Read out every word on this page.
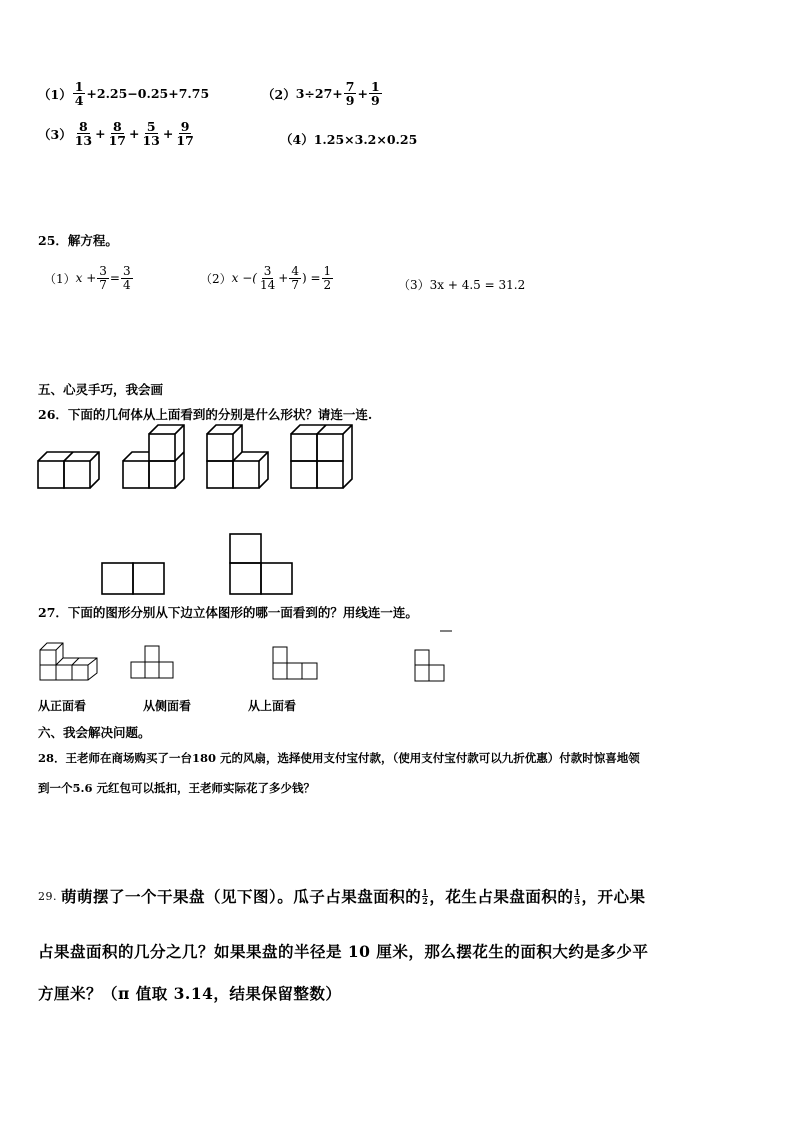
$(1) \frac{1}{4} +2.25-0.25+7.75$	（2） $3\div 27+ \frac{7}{9} + \frac{1}{9}$
$(3) \frac{8}{13} + \frac{8}{17} + \frac{5}{13} + \frac{9}{17}$	（4）1.25×3.2×0.25
25．解方程。
（1） $x + \frac{3}{7} = \frac{3}{4}$	（2） x −( $\frac{3}{14} + \frac{4}{7}$ ) = $\frac{1}{2}$	（3）3x + 4.5 = 31.2
五、心灵手巧，我会画
26．下面的几何体从上面看到的分别是什么形状？请连一连.
27．下面的图形分别从下边立体图形的哪一面看到的？用线连一连。
从正面看	从侧面看	从上面看
六、我会解决问题。
28．王老师在商场购买了一台180 元的风扇，选择使用支付宝付款，（使用支付宝付款可以九折优惠）付款时惊喜地领
到一个5.6 元红包可以抵扣，王老师实际花了多少钱？
29. 萌萌摆了一个干果盘（见下图）。瓜子占果盘面积的 $\frac{1}{2}$ ，花生占果盘面积的 $\frac{1}{3}$ ，开心果
占果盘面积的几分之几？如果果盘的半径是 10 厘米，那么摆花生的面积大约是多少平
方厘米？（π 值取 3.14，结果保留整数）
